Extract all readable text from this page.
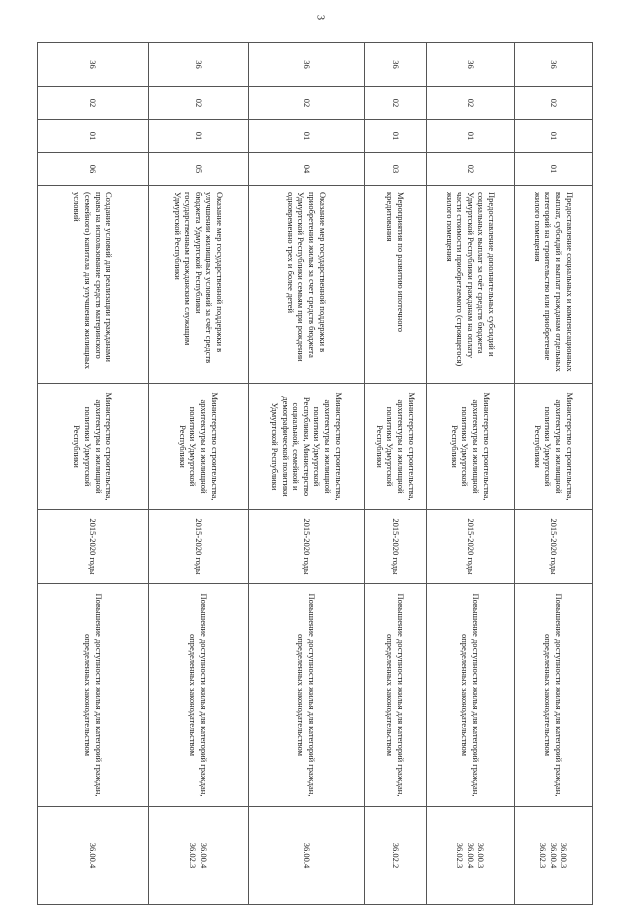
3
36	02	01	01	Предоставление социальных и компенсационных выплат, субсидий и выплат гражданам отдельных категорий на строительство или приобретение жилого помещения	Министерство строительства, архитектуры и жилищной политики Удмуртской Республики	2015-2020 годы	Повышение доступности жилья для категорий граждан, определенных законодательством	36.00.3
36.00.4
36.02.3

36	02	01	02	Предоставление дополнительных субсидий и социальных выплат за счёт средств бюджета Удмуртской Республики гражданам на оплату части стоимости приобретаемого (строящегося) жилого помещения	Министерство строительства, архитектуры и жилищной политики Удмуртской Республики	2015-2020 годы	Повышение доступности жилья для категорий граждан, определенных законодательством	36.00.3
36.00.4
36.02.3

36	02	01	03	Мероприятия по развитию ипотечного кредитования	Министерство строительства, архитектуры и жилищной политики Удмуртской Республики	2015-2020 годы	Повышение доступности жилья для категорий граждан, определенных законодательством	36.02.2

36	02	01	04	Оказание мер государственной поддержки в приобретении жилья за счет средств бюджета Удмуртской Республики семьям при рождении одновременно трех и более детей	Министерство строительства, архитектуры и жилищной политики Удмуртской Республики, Министерство социальной, семейной и демографической политики Удмуртской Республики	2015-2020 годы	Повышение доступности жилья для категорий граждан, определенных законодательством	36.00.4

36	02	01	05	Оказание мер государственной поддержки в улучшении жилищных условий за счёт средств бюджета Удмуртской Республики государственным гражданским служащим Удмуртской Республики	Министерство строительства, архитектуры и жилищной политики Удмуртской Республики	2015-2020 годы	Повышение доступности жилья для категорий граждан, определенных законодательством	36.00.4
36.02.3

36	02	01	06	Создание условий для реализации гражданами права на использование средств материнского (семейного) капитала для улучшения жилищных условий	Министерство строительства, архитектуры и жилищной политики Удмуртской Республики	2015-2020 годы	Повышение доступности жилья для категорий граждан, определенных законодательством	36.00.4
